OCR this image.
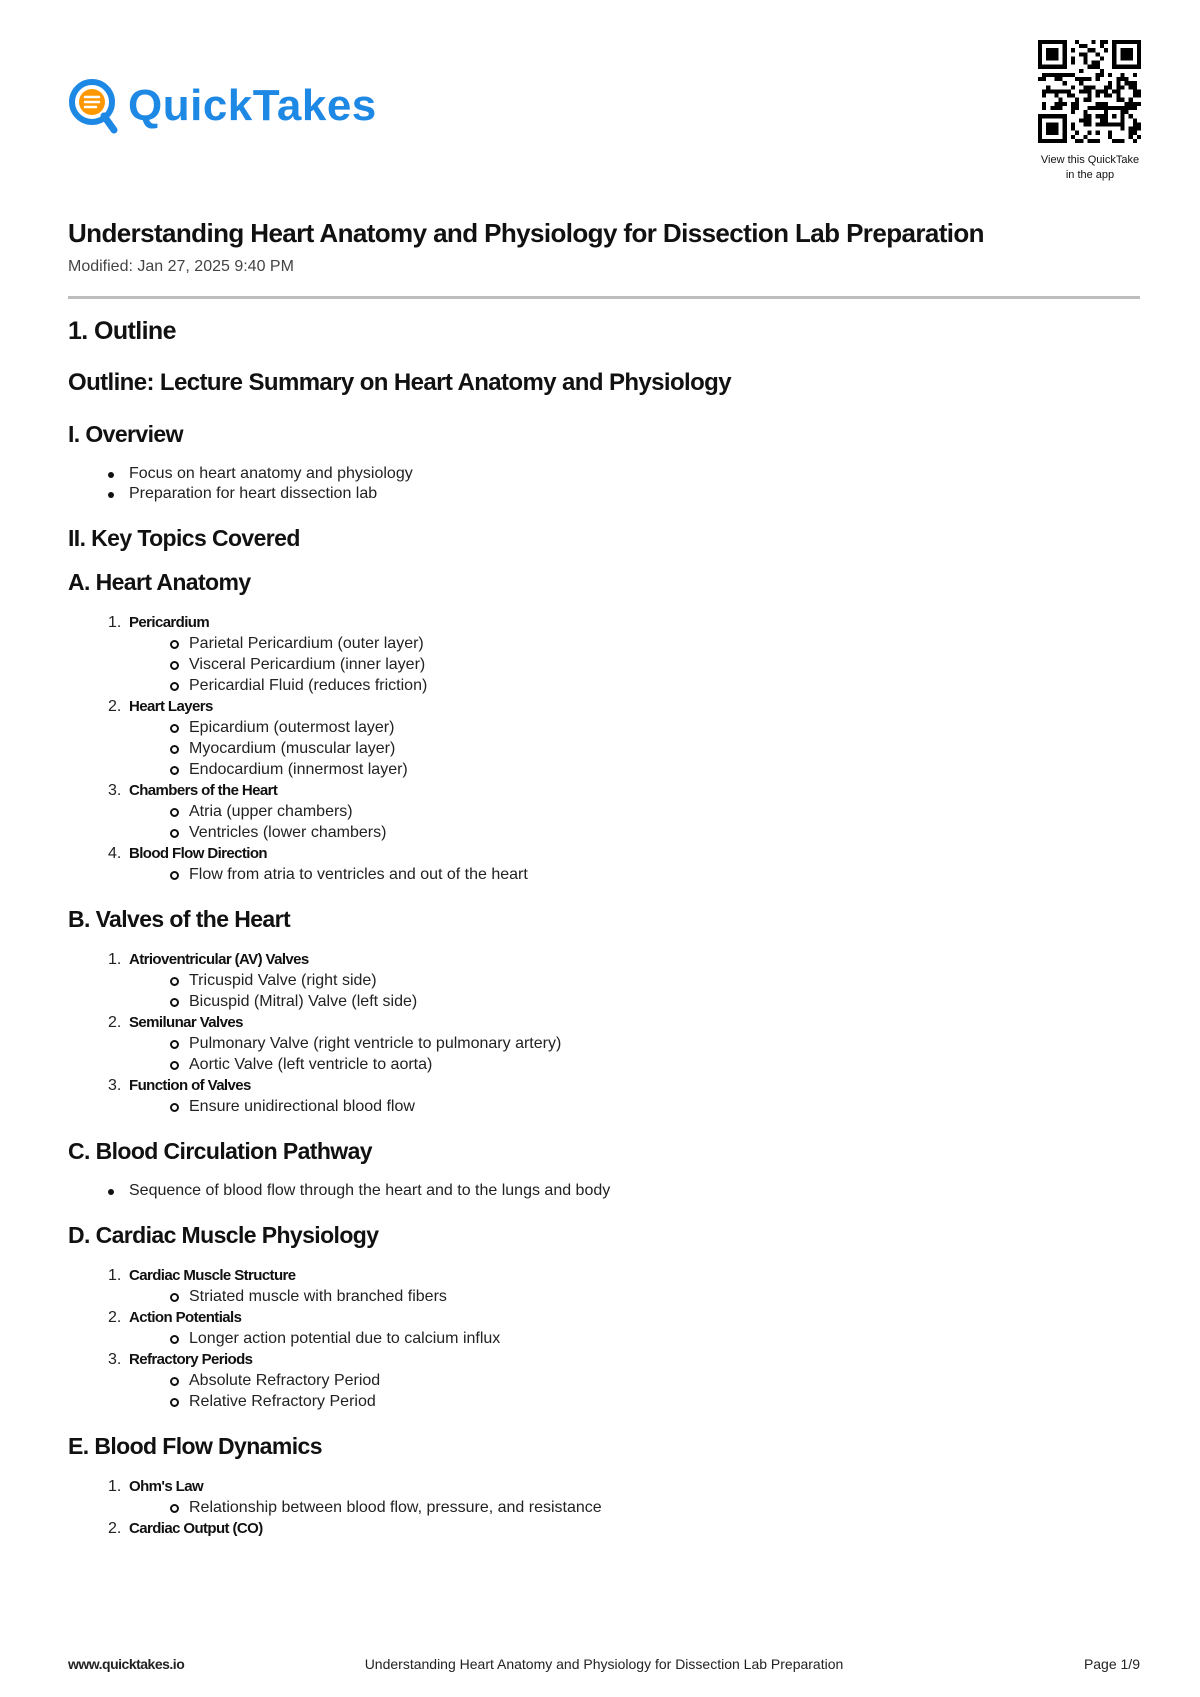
QuickTakes
View this QuickTake
in the app
Understanding Heart Anatomy and Physiology for Dissection Lab Preparation
Modified: Jan 27, 2025 9:40 PM
1. Outline
Outline: Lecture Summary on Heart Anatomy and Physiology
I. Overview
Focus on heart anatomy and physiology
Preparation for heart dissection lab
II. Key Topics Covered
A. Heart Anatomy
1. Pericardium
Parietal Pericardium (outer layer)
Visceral Pericardium (inner layer)
Pericardial Fluid (reduces friction)
2. Heart Layers
Epicardium (outermost layer)
Myocardium (muscular layer)
Endocardium (innermost layer)
3. Chambers of the Heart
Atria (upper chambers)
Ventricles (lower chambers)
4. Blood Flow Direction
Flow from atria to ventricles and out of the heart
B. Valves of the Heart
1. Atrioventricular (AV) Valves
Tricuspid Valve (right side)
Bicuspid (Mitral) Valve (left side)
2. Semilunar Valves
Pulmonary Valve (right ventricle to pulmonary artery)
Aortic Valve (left ventricle to aorta)
3. Function of Valves
Ensure unidirectional blood flow
C. Blood Circulation Pathway
Sequence of blood flow through the heart and to the lungs and body
D. Cardiac Muscle Physiology
1. Cardiac Muscle Structure
Striated muscle with branched fibers
2. Action Potentials
Longer action potential due to calcium influx
3. Refractory Periods
Absolute Refractory Period
Relative Refractory Period
E. Blood Flow Dynamics
1. Ohm's Law
Relationship between blood flow, pressure, and resistance
2. Cardiac Output (CO)
www.quicktakes.io	Understanding Heart Anatomy and Physiology for Dissection Lab Preparation	Page 1/9
